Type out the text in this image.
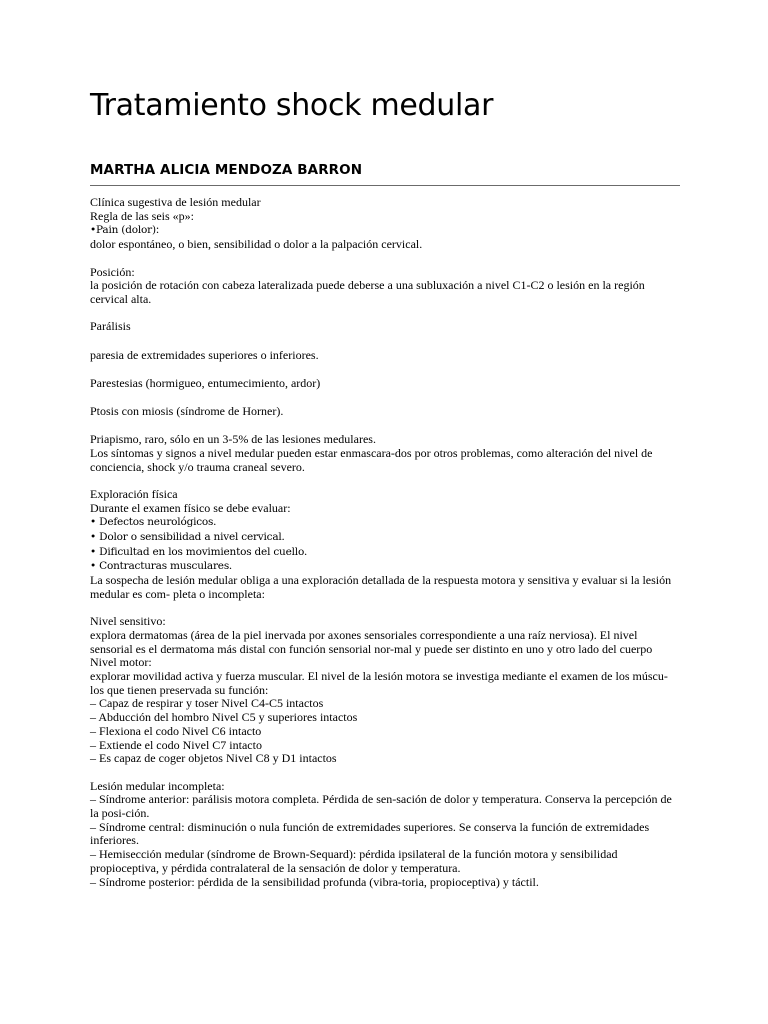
Tratamiento shock medular
MARTHA ALICIA MENDOZA BARRON
Clínica sugestiva de lesión medular
Regla de las seis «p»:
•Pain (dolor):
dolor espontáneo, o bien, sensibilidad o dolor a la palpación cervical.
Posición:
la posición de rotación con cabeza lateralizada puede deberse a una subluxación a nivel C1-C2 o lesión en la región cervical alta.
Parálisis
paresia de extremidades superiores o inferiores.
Parestesias (hormigueo, entumecimiento, ardor)
Ptosis con miosis (síndrome de Horner).
Priapismo, raro, sólo en un 3-5% de las lesiones medulares.
Los síntomas y signos a nivel medular pueden estar enmascara-dos por otros problemas, como alteración del nivel de conciencia, shock y/o trauma craneal severo.
Exploración física
Durante el examen físico se debe evaluar:
• Defectos neurológicos.
• Dolor o sensibilidad a nivel cervical.
• Dificultad en los movimientos del cuello.
• Contracturas musculares.
La sospecha de lesión medular obliga a una exploración detallada de la respuesta motora y sensitiva y evaluar si la lesión medular es com- pleta o incompleta:
Nivel sensitivo:
explora dermatomas (área de la piel inervada por axones sensoriales correspondiente a una raíz nerviosa). El nivel sensorial es el dermatoma más distal con función sensorial nor-mal y puede ser distinto en uno y otro lado del cuerpo
Nivel motor:
explorar movilidad activa y fuerza muscular. El nivel de la lesión motora se investiga mediante el examen de los múscu-los que tienen preservada su función:
– Capaz de respirar y toser Nivel C4-C5 intactos
– Abducción del hombro Nivel C5 y superiores intactos
– Flexiona el codo Nivel C6 intacto
– Extiende el codo Nivel C7 intacto
– Es capaz de coger objetos Nivel C8 y D1 intactos
Lesión medular incompleta:
– Síndrome anterior: parálisis motora completa. Pérdida de sen-sación de dolor y temperatura. Conserva la percepción de la posi-ción.
– Síndrome central: disminución o nula función de extremidades superiores. Se conserva la función de extremidades inferiores.
– Hemisección medular (síndrome de Brown-Sequard): pérdida ipsilateral de la función motora y sensibilidad propioceptiva, y pérdida contralateral de la sensación de dolor y temperatura.
– Síndrome posterior: pérdida de la sensibilidad profunda (vibra-toria, propioceptiva) y táctil.
